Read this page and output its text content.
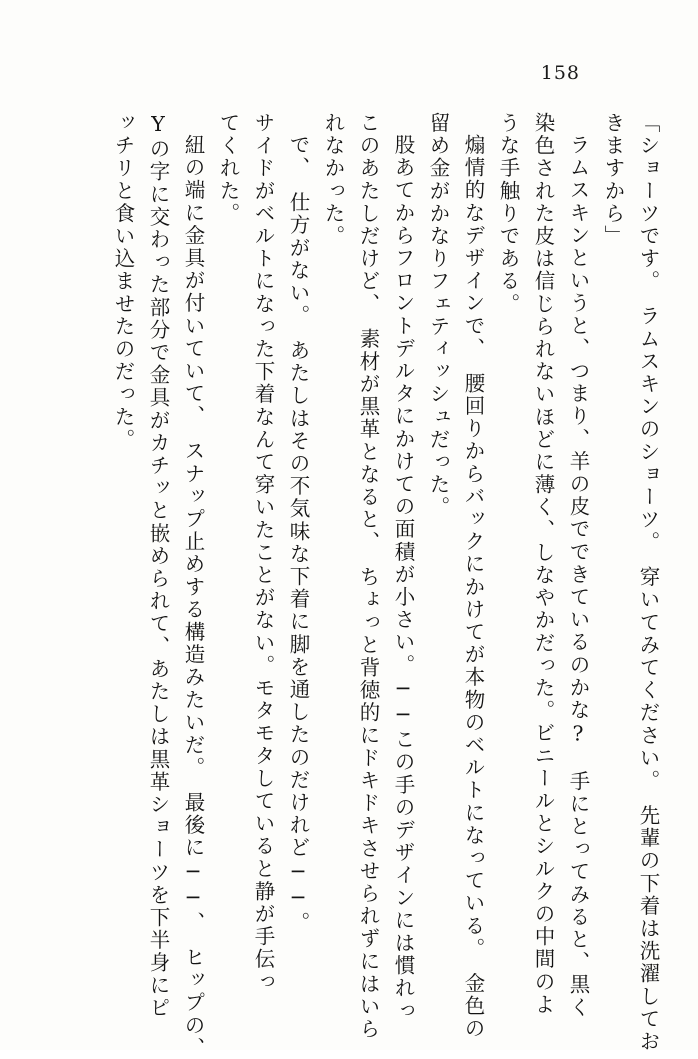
158
「ショーツです。　ラムスキンのショーツ。　穿いてみてください。　先輩の下着は洗濯してお
きますから」
ラムスキンというと、つまり、羊の皮でできているのかな?　手にとってみると、黒く
染色された皮は信じられないほどに薄く、しなやかだった。ビニールとシルクの中間のよ
うな手触りである。
煽情的なデザインで、　腰回りからバックにかけてが本物のベルトになっている。　金色の
留め金がかなりフェティッシュだった。
股あてからフロントデルタにかけての面積が小さい。──この手のデザインには慣れっ
このあたしだけど、　素材が黒革となると、　ちょっと背徳的にドキドキさせられずにはいら
れなかった。
で、　仕方がない。　あたしはその不気味な下着に脚を通したのだけれど──。
サイドがベルトになった下着なんて穿いたことがない。モタモタしていると静が手伝っ
てくれた。
紐の端に金具が付いていて、　スナップ止めする構造みたいだ。　最後に──、　ヒップの、
Yの字に交わった部分で金具がカチッと嵌められて、あたしは黒革ショーツを下半身にピ
ッチリと食い込ませたのだった。
